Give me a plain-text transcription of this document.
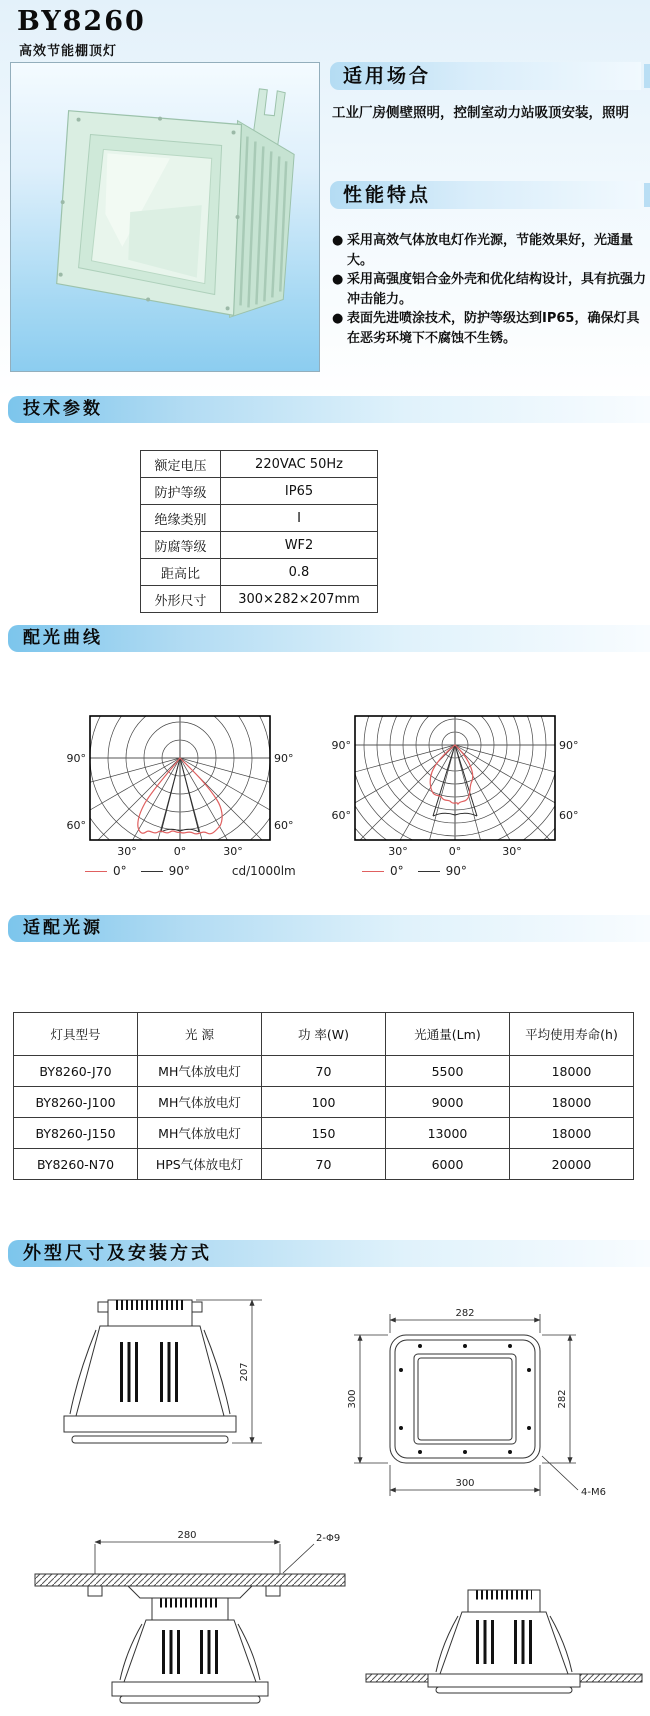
BY8260
高效节能棚顶灯
适用场合
工业厂房侧壁照明，控制室动力站吸顶安装，照明
性能特点
● 采用高效气体放电灯作光源，节能效果好，光通量大。
● 采用高强度铝合金外壳和优化结构设计，具有抗强力冲击能力。
● 表面先进喷涂技术，防护等级达到IP65，确保灯具在恶劣环境下不腐蚀不生锈。
技术参数
额定电压	220VAC 50Hz
防护等级	IP65
绝缘类别	I
防腐等级	WF2
距高比	0.8
外形尺寸	300×282×207mm
配光曲线
90°	90°
60°	60°
30°	0°	30°
90°	90°
60°	60°
30°	0°	30°
0°	90°	cd/1000lm	0°	90°
适配光源
灯具型号	光 源	功 率(W)	光通量(Lm)	平均使用寿命(h)
BY8260-J70	MH气体放电灯	70	5500	18000
BY8260-J100	MH气体放电灯	100	9000	18000
BY8260-J150	MH气体放电灯	150	13000	18000
BY8260-N70	HPS气体放电灯	70	6000	20000
外型尺寸及安装方式
207
282
300	282
300
4-M6
280	2-Φ9
